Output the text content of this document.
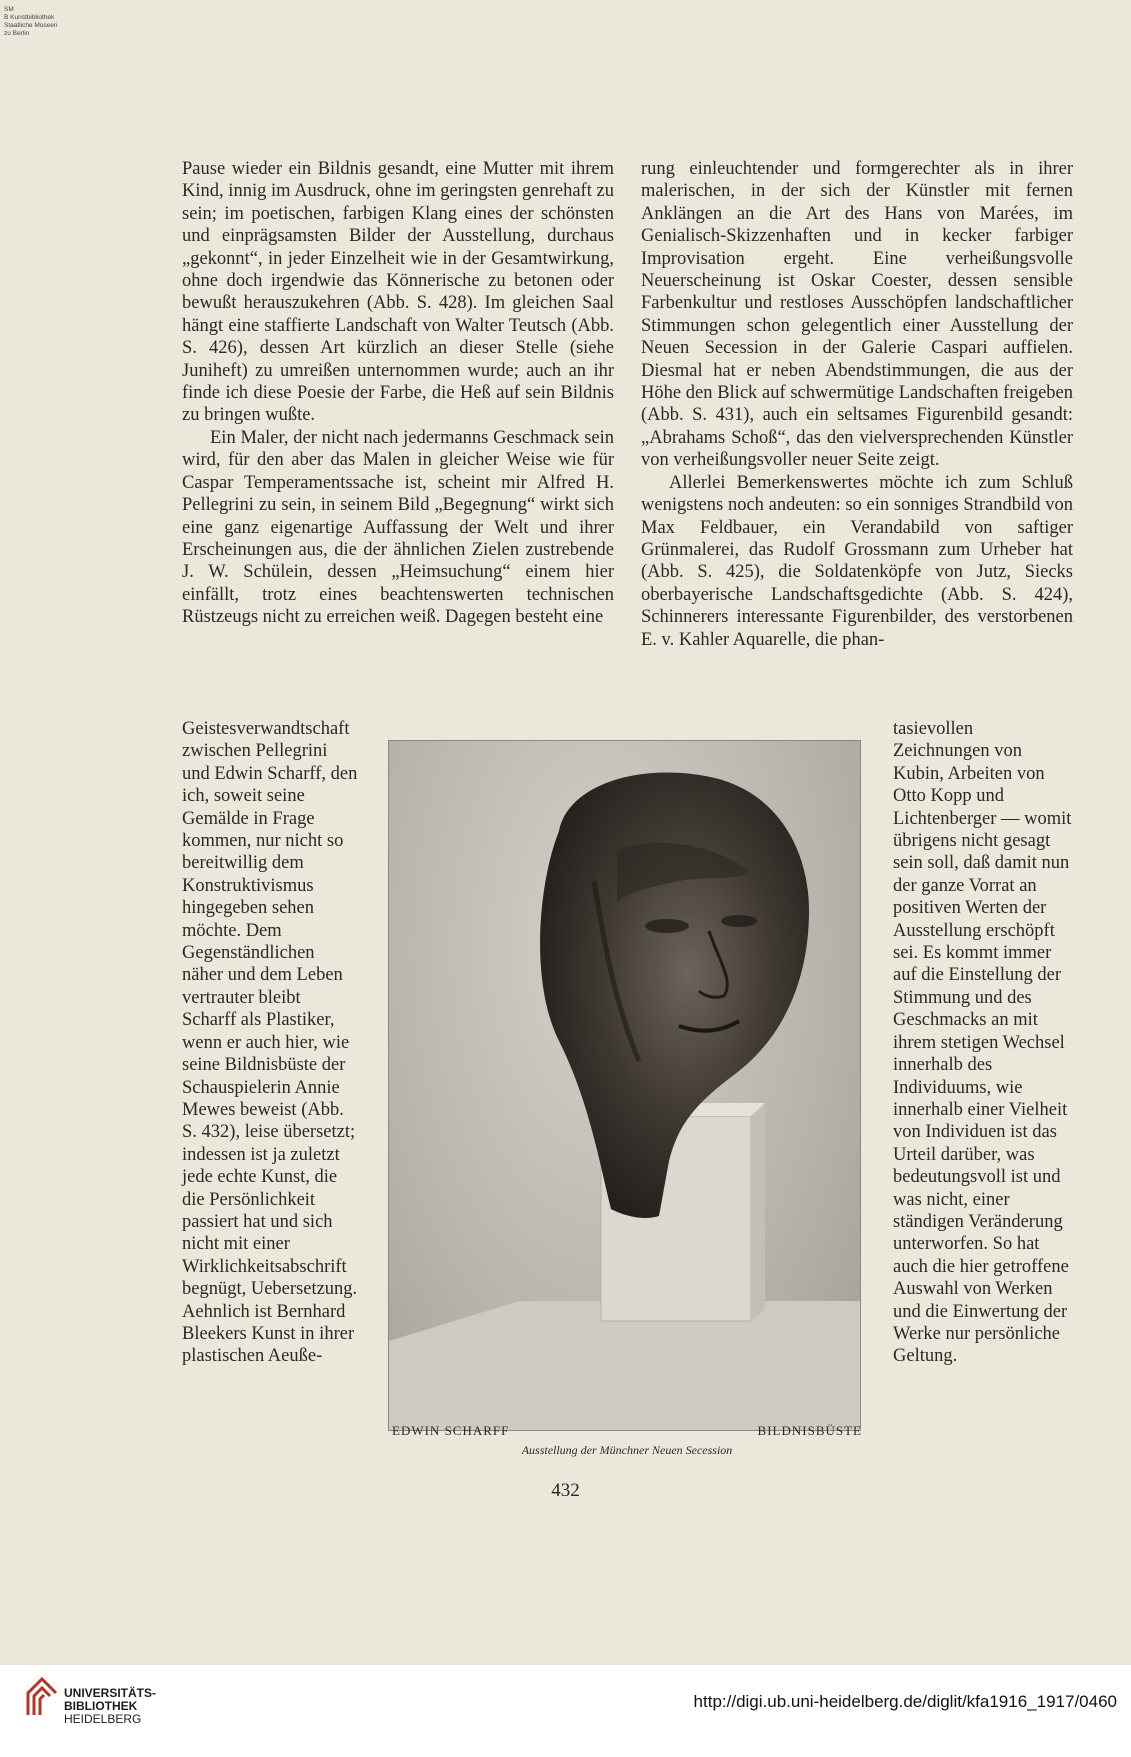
SM
B Kunstbibliothek
Staatliche Museen
zu Berlin

Pause wieder ein Bildnis gesandt, eine Mutter mit ihrem Kind, innig im Ausdruck, ohne im geringsten genrehaft zu sein; im poetischen, farbigen Klang eines der schönsten und einprägsamsten Bilder der Ausstellung, durchaus „gekonnt“, in jeder Einzelheit wie in der Gesamtwirkung, ohne doch irgendwie das Könnerische zu betonen oder bewußt herauszukehren (Abb. S. 428). Im gleichen Saal hängt eine staffierte Landschaft von Walter Teutsch (Abb. S. 426), dessen Art kürzlich an dieser Stelle (siehe Juniheft) zu umreißen unternommen wurde; auch an ihr finde ich diese Poesie der Farbe, die Heß auf sein Bildnis zu bringen wußte.

Ein Maler, der nicht nach jedermanns Geschmack sein wird, für den aber das Malen in gleicher Weise wie für Caspar Temperamentssache ist, scheint mir Alfred H. Pellegrini zu sein, in seinem Bild „Begegnung“ wirkt sich eine ganz eigenartige Auffassung der Welt und ihrer Erscheinungen aus, die der ähnlichen Zielen zustrebende J. W. Schülein, dessen „Heimsuchung“ einem hier einfällt, trotz eines beachtenswerten technischen Rüstzeugs nicht zu erreichen weiß. Dagegen besteht eine

Geistesverwandtschaft zwischen Pellegrini und Edwin Scharff, den ich, soweit seine Gemälde in Frage kommen, nur nicht so bereitwillig dem Konstruktivismus hingegeben sehen möchte. Dem Gegenständlichen näher und dem Leben vertrauter bleibt Scharff als Plastiker, wenn er auch hier, wie seine Bildnisbüste der Schauspielerin Annie Mewes beweist (Abb. S. 432), leise übersetzt; indessen ist ja zuletzt jede echte Kunst, die die Persönlichkeit passiert hat und sich nicht mit einer Wirklichkeitsabschrift begnügt, Uebersetzung. Aehnlich ist Bernhard Bleekers Kunst in ihrer plastischen Aeuße-

rung einleuchtender und formgerechter als in ihrer malerischen, in der sich der Künstler mit fernen Anklängen an die Art des Hans von Marées, im Genialisch-Skizzenhaften und in kecker farbiger Improvisation ergeht. Eine verheißungsvolle Neuerscheinung ist Oskar Coester, dessen sensible Farbenkultur und restloses Ausschöpfen landschaftlicher Stimmungen schon gelegentlich einer Ausstellung der Neuen Secession in der Galerie Caspari auffielen. Diesmal hat er neben Abendstimmungen, die aus der Höhe den Blick auf schwermütige Landschaften freigeben (Abb. S. 431), auch ein seltsames Figurenbild gesandt: „Abrahams Schoß“, das den vielversprechenden Künstler von verheißungsvoller neuer Seite zeigt.

Allerlei Bemerkenswertes möchte ich zum Schluß wenigstens noch andeuten: so ein sonniges Strandbild von Max Feldbauer, ein Verandabild von saftiger Grünmalerei, das Rudolf Grossmann zum Urheber hat (Abb. S. 425), die Soldatenköpfe von Jutz, Siecks oberbayerische Landschaftsgedichte (Abb. S. 424), Schinnerers interessante Figurenbilder, des verstorbenen E. v. Kahler Aquarelle, die phan-

tasievollen Zeichnungen von Kubin, Arbeiten von Otto Kopp und Lichtenberger — womit übrigens nicht gesagt sein soll, daß damit nun der ganze Vorrat an positiven Werten der Ausstellung erschöpft sei. Es kommt immer auf die Einstellung der Stimmung und des Geschmacks an mit ihrem stetigen Wechsel innerhalb des Individuums, wie innerhalb einer Vielheit von Individuen ist das Urteil darüber, was bedeutungsvoll ist und was nicht, einer ständigen Veränderung unterworfen. So hat auch die hier getroffene Auswahl von Werken und die Einwertung der Werke nur persönliche Geltung.

EDWIN SCHARFF	BILDNISBÜSTE
Ausstellung der Münchner Neuen Secession
432
UNIVERSITÄTS-
BIBLIOTHEK
HEIDELBERG
http://digi.ub.uni-heidelberg.de/diglit/kfa1916_1917/0460
